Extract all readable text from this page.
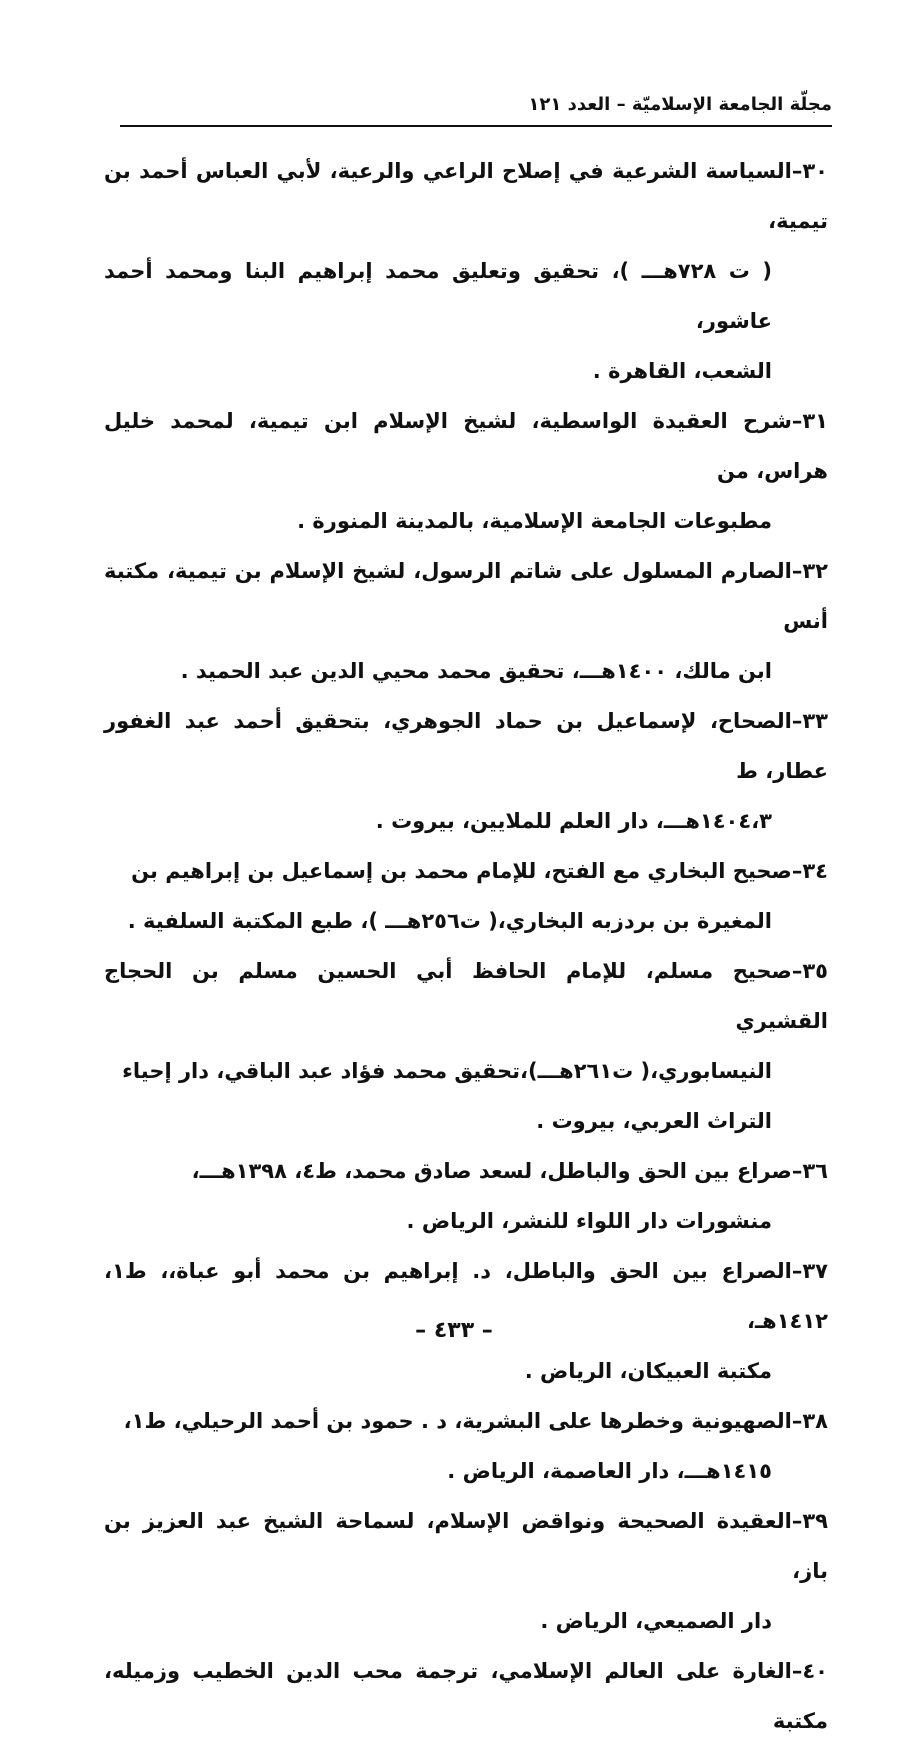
مجلّة الجامعة الإسلاميّة – العدد ١٢١

٣٠–السياسة الشرعية في إصلاح الراعي والرعية، لأبي العباس أحمد بن تيمية،
( ت ٧٢٨هـــ )، تحقيق وتعليق محمد إبراهيم البنا ومحمد أحمد عاشور،
الشعب، القاهرة .

٣١–شرح العقيدة الواسطية، لشيخ الإسلام ابن تيمية، لمحمد خليل هراس، من
مطبوعات الجامعة الإسلامية، بالمدينة المنورة .

٣٢–الصارم المسلول على شاتم الرسول، لشيخ الإسلام بن تيمية، مكتبة أنس
ابن مالك، ١٤٠٠هـــ، تحقيق محمد محيي الدين عبد الحميد .

٣٣–الصحاح، لإسماعيل بن حماد الجوهري، بتحقيق أحمد عبد الغفور عطار، ط
١٤٠٤،٣هـــ، دار العلم للملايين، بيروت .

٣٤–صحيح البخاري مع الفتح، للإمام محمد بن إسماعيل بن إبراهيم بن
المغيرة بن بردزبه البخاري،( ت٢٥٦هـــ )، طبع المكتبة السلفية .

٣٥–صحيح مسلم، للإمام الحافظ أبي الحسين مسلم بن الحجاج القشيري
النيسابوري،( ت٢٦١هـــ)،تحقيق محمد فؤاد عبد الباقي، دار إحياء
التراث العربي، بيروت .

٣٦–صراع بين الحق والباطل، لسعد صادق محمد، ط٤، ١٣٩٨هـــ،
منشورات دار اللواء للنشر، الرياض .

٣٧–الصراع بين الحق والباطل، د. إبراهيم بن محمد أبو عباة،، ط١، ١٤١٢هـ،
مكتبة العبيكان، الرياض .

٣٨–الصهيونية وخطرها على البشرية، د . حمود بن أحمد الرحيلي، ط١،
١٤١٥هـــ، دار العاصمة، الرياض .

٣٩–العقيدة الصحيحة ونواقض الإسلام، لسماحة الشيخ عبد العزيز بن باز،
دار الصميعي، الرياض .

٤٠–الغارة على العالم الإسلامي، ترجمة محب الدين الخطيب وزميله، مكتبة

– ٤٣٣ –
